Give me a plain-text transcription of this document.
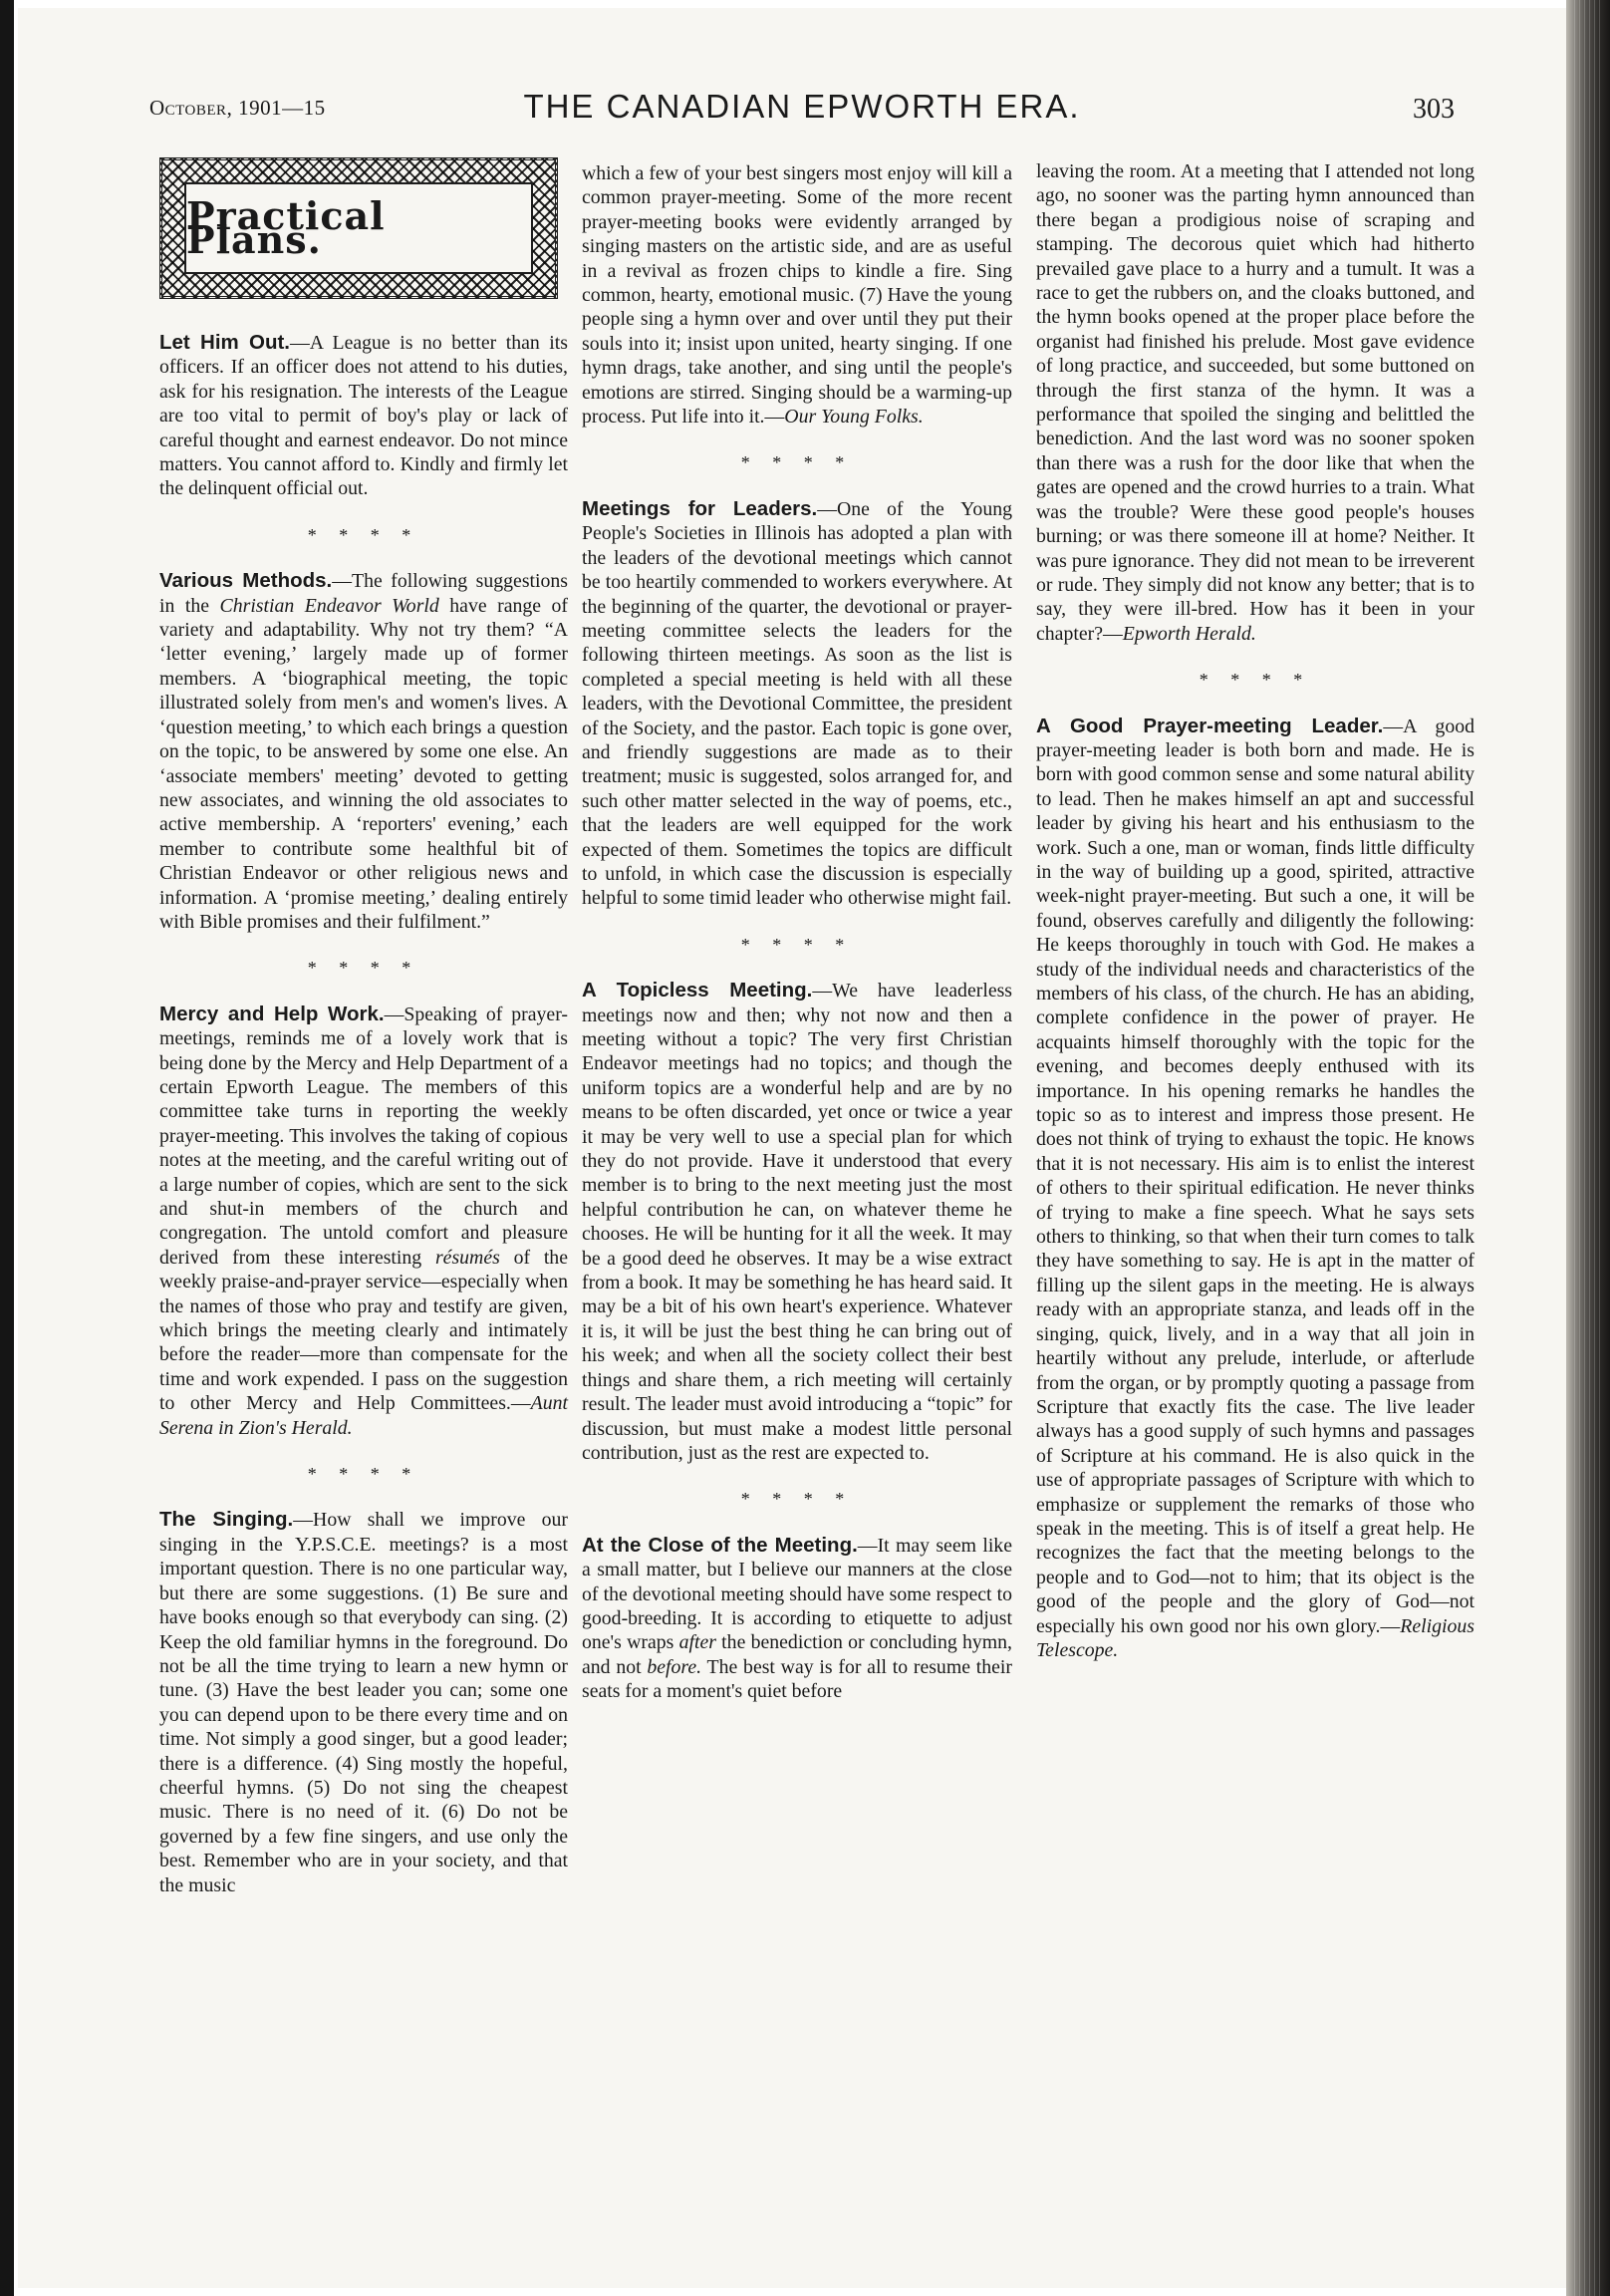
October, 1901—15	THE CANADIAN EPWORTH ERA.	303
Practical Plans.

Let Him Out.—A League is no better than its officers. If an officer does not attend to his duties, ask for his resignation. The interests of the League are too vital to permit of boy's play or lack of careful thought and earnest endeavor. Do not mince matters. You cannot afford to. Kindly and firmly let the delinquent official out.

* * * *

Various Methods.—The following suggestions in the Christian Endeavor World have range of variety and adaptability. Why not try them? “A ‘letter evening,’ largely made up of former members. A ‘biographical meeting, the topic illustrated solely from men's and women's lives. A ‘question meeting,’ to which each brings a question on the topic, to be answered by some one else. An ‘associate members' meeting’ devoted to getting new associates, and winning the old associates to active membership. A ‘reporters' evening,’ each member to contribute some healthful bit of Christian Endeavor or other religious news and information. A ‘promise meeting,’ dealing entirely with Bible promises and their fulfilment.”

* * * *

Mercy and Help Work.—Speaking of prayer-meetings, reminds me of a lovely work that is being done by the Mercy and Help Department of a certain Epworth League. The members of this committee take turns in reporting the weekly prayer-meeting. This involves the taking of copious notes at the meeting, and the careful writing out of a large number of copies, which are sent to the sick and shut-in members of the church and congregation. The untold comfort and pleasure derived from these interesting résumés of the weekly praise-and-prayer service—especially when the names of those who pray and testify are given, which brings the meeting clearly and intimately before the reader—more than compensate for the time and work expended. I pass on the suggestion to other Mercy and Help Committees.—Aunt Serena in Zion's Herald.

* * * *

The Singing.—How shall we improve our singing in the Y.P.S.C.E. meetings? is a most important question. There is no one particular way, but there are some suggestions. (1) Be sure and have books enough so that everybody can sing. (2) Keep the old familiar hymns in the foreground. Do not be all the time trying to learn a new hymn or tune. (3) Have the best leader you can; some one you can depend upon to be there every time and on time. Not simply a good singer, but a good leader; there is a difference. (4) Sing mostly the hopeful, cheerful hymns. (5) Do not sing the cheapest music. There is no need of it. (6) Do not be governed by a few fine singers, and use only the best. Remember who are in your society, and that the music

which a few of your best singers most enjoy will kill a common prayer-meeting. Some of the more recent prayer-meeting books were evidently arranged by singing masters on the artistic side, and are as useful in a revival as frozen chips to kindle a fire. Sing common, hearty, emotional music. (7) Have the young people sing a hymn over and over until they put their souls into it; insist upon united, hearty singing. If one hymn drags, take another, and sing until the people's emotions are stirred. Singing should be a warming-up process. Put life into it.—Our Young Folks.

* * * *

Meetings for Leaders.—One of the Young People's Societies in Illinois has adopted a plan with the leaders of the devotional meetings which cannot be too heartily commended to workers everywhere. At the beginning of the quarter, the devotional or prayer-meeting committee selects the leaders for the following thirteen meetings. As soon as the list is completed a special meeting is held with all these leaders, with the Devotional Committee, the president of the Society, and the pastor. Each topic is gone over, and friendly suggestions are made as to their treatment; music is suggested, solos arranged for, and such other matter selected in the way of poems, etc., that the leaders are well equipped for the work expected of them. Sometimes the topics are difficult to unfold, in which case the discussion is especially helpful to some timid leader who otherwise might fail.

* * * *

A Topicless Meeting.—We have leaderless meetings now and then; why not now and then a meeting without a topic? The very first Christian Endeavor meetings had no topics; and though the uniform topics are a wonderful help and are by no means to be often discarded, yet once or twice a year it may be very well to use a special plan for which they do not provide. Have it understood that every member is to bring to the next meeting just the most helpful contribution he can, on whatever theme he chooses. He will be hunting for it all the week. It may be a good deed he observes. It may be a wise extract from a book. It may be something he has heard said. It may be a bit of his own heart's experience. Whatever it is, it will be just the best thing he can bring out of his week; and when all the society collect their best things and share them, a rich meeting will certainly result. The leader must avoid introducing a “topic” for discussion, but must make a modest little personal contribution, just as the rest are expected to.

* * * *

At the Close of the Meeting.—It may seem like a small matter, but I believe our manners at the close of the devotional meeting should have some respect to good-breeding. It is according to etiquette to adjust one's wraps after the benediction or concluding hymn, and not before. The best way is for all to resume their seats for a moment's quiet before

leaving the room. At a meeting that I attended not long ago, no sooner was the parting hymn announced than there began a prodigious noise of scraping and stamping. The decorous quiet which had hitherto prevailed gave place to a hurry and a tumult. It was a race to get the rubbers on, and the cloaks buttoned, and the hymn books opened at the proper place before the organist had finished his prelude. Most gave evidence of long practice, and succeeded, but some buttoned on through the first stanza of the hymn. It was a performance that spoiled the singing and belittled the benediction. And the last word was no sooner spoken than there was a rush for the door like that when the gates are opened and the crowd hurries to a train. What was the trouble? Were these good people's houses burning; or was there someone ill at home? Neither. It was pure ignorance. They did not mean to be irreverent or rude. They simply did not know any better; that is to say, they were ill-bred. How has it been in your chapter?—Epworth Herald.

* * * *

A Good Prayer-meeting Leader.—A good prayer-meeting leader is both born and made. He is born with good common sense and some natural ability to lead. Then he makes himself an apt and successful leader by giving his heart and his enthusiasm to the work. Such a one, man or woman, finds little difficulty in the way of building up a good, spirited, attractive week-night prayer-meeting. But such a one, it will be found, observes carefully and diligently the following: He keeps thoroughly in touch with God. He makes a study of the individual needs and characteristics of the members of his class, of the church. He has an abiding, complete confidence in the power of prayer. He acquaints himself thoroughly with the topic for the evening, and becomes deeply enthused with its importance. In his opening remarks he handles the topic so as to interest and impress those present. He does not think of trying to exhaust the topic. He knows that it is not necessary. His aim is to enlist the interest of others to their spiritual edification. He never thinks of trying to make a fine speech. What he says sets others to thinking, so that when their turn comes to talk they have something to say. He is apt in the matter of filling up the silent gaps in the meeting. He is always ready with an appropriate stanza, and leads off in the singing, quick, lively, and in a way that all join in heartily without any prelude, interlude, or afterlude from the organ, or by promptly quoting a passage from Scripture that exactly fits the case. The live leader always has a good supply of such hymns and passages of Scripture at his command. He is also quick in the use of appropriate passages of Scripture with which to emphasize or supplement the remarks of those who speak in the meeting. This is of itself a great help. He recognizes the fact that the meeting belongs to the people and to God—not to him; that its object is the good of the people and the glory of God—not especially his own good nor his own glory.—Religious Telescope.
